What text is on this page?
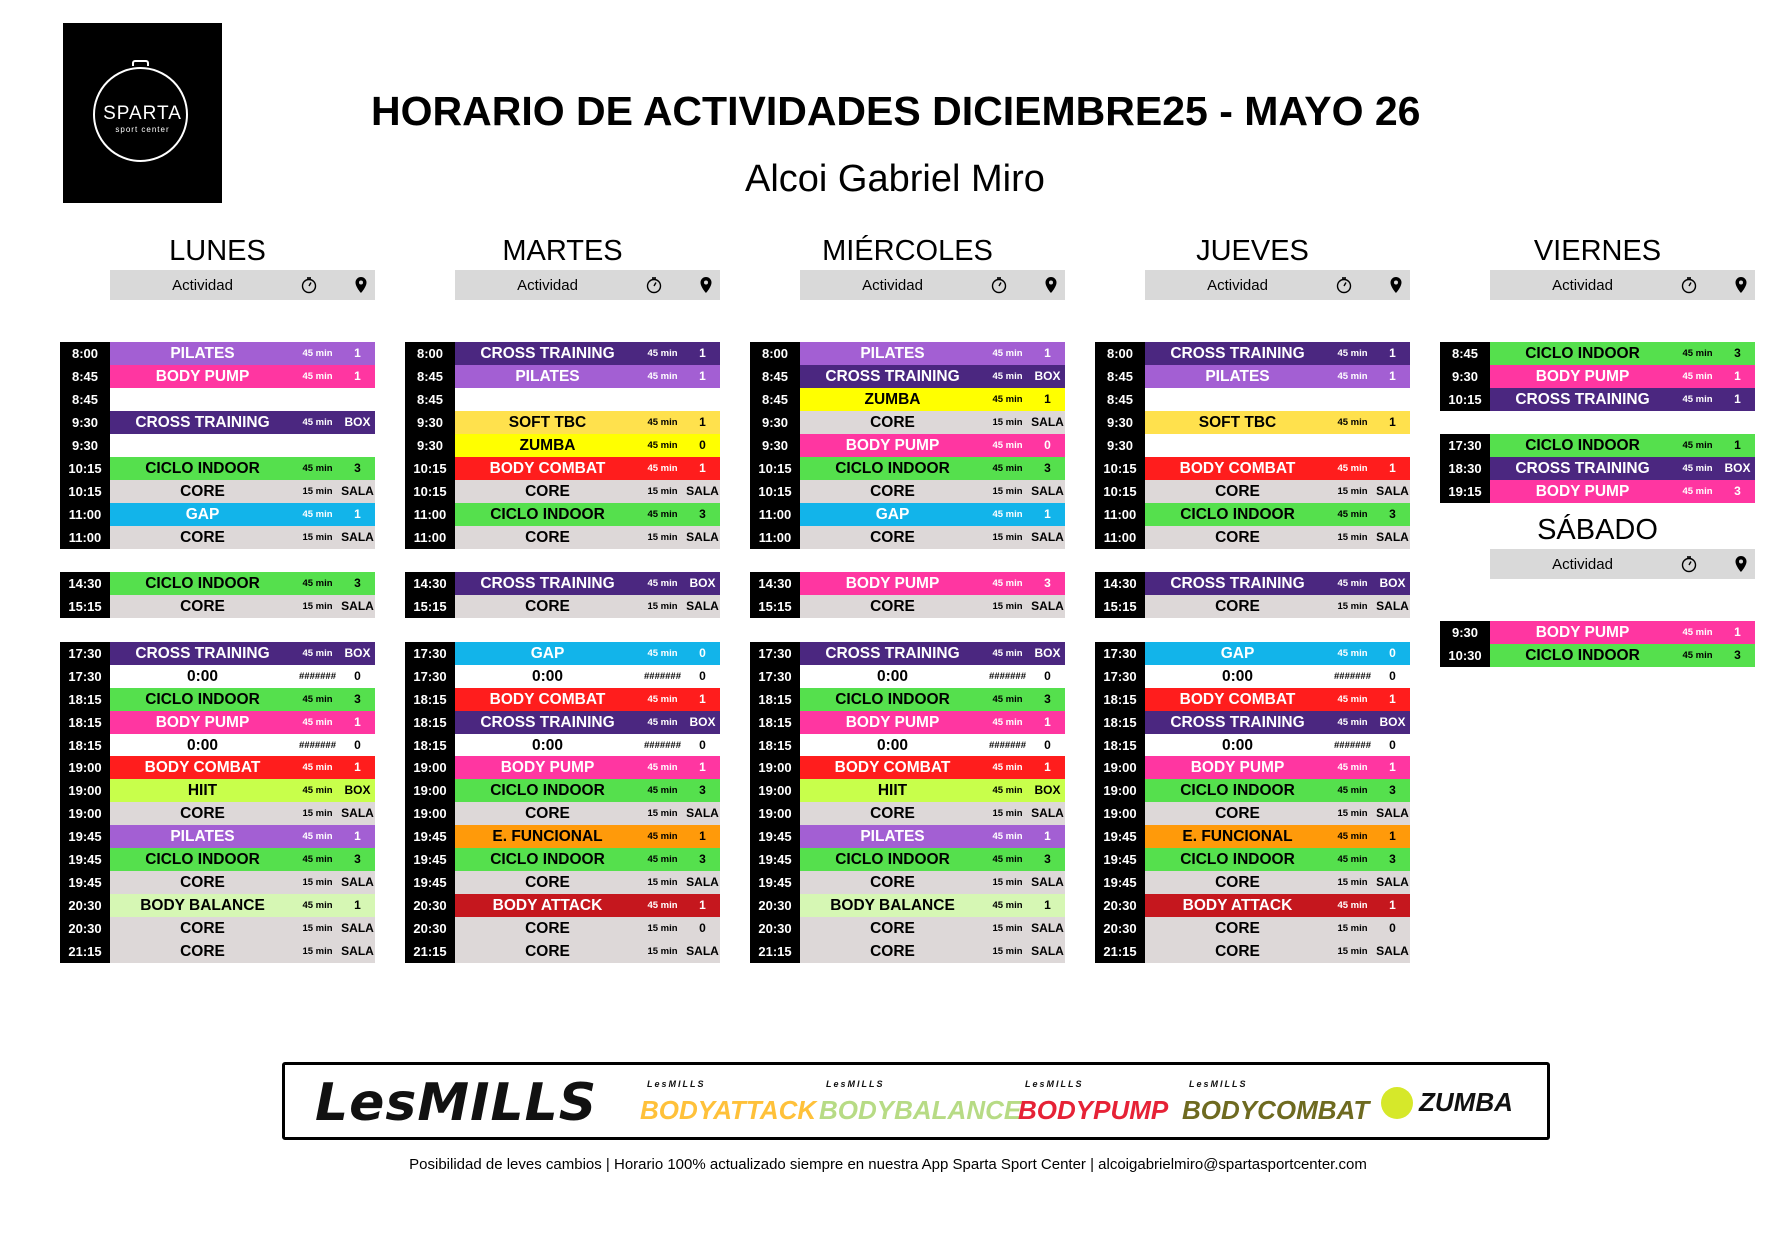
SPARTA
sport center	HORARIO DE ACTIVIDADES DICIEMBRE25 - MAYO 26
Alcoi Gabriel Miro
LUNES
Actividad
8:00	PILATES	45 min	1
8:45	BODY PUMP	45 min	1
8:45
9:30	CROSS TRAINING	45 min BOX
9:30
10:15	CICLO INDOOR	45 min	3
10:15	CORE	15 min SALA
11:00	GAP	45 min	1
11:00	CORE	15 min SALA
14:30	CICLO INDOOR	45 min	3
15:15	CORE	15 min SALA
17:30	CROSS TRAINING	45 min BOX
17:30	0:00	#######	0
18:15	CICLO INDOOR	45 min	3
18:15	BODY PUMP	45 min	1
18:15	0:00	#######	0
19:00	BODY COMBAT	45 min	1
19:00	HIIT	45 min BOX
19:00	CORE	15 min SALA
19:45	PILATES	45 min	1
19:45	CICLO INDOOR	45 min	3
19:45	CORE	15 min SALA
20:30	BODY BALANCE	45 min	1
20:30	CORE	15 min SALA
21:15	CORE	15 min SALA
MARTES
Actividad
8:00	CROSS TRAINING	45 min	1
8:45	PILATES	45 min	1
8:45
9:30	SOFT TBC	45 min	1
9:30	ZUMBA	45 min	0
10:15	BODY COMBAT	45 min	1
10:15	CORE	15 min SALA
11:00	CICLO INDOOR	45 min	3
11:00	CORE	15 min SALA
14:30	CROSS TRAINING	45 min BOX
15:15	CORE	15 min SALA
17:30	GAP	45 min	0
17:30	0:00	#######	0
18:15	BODY COMBAT	45 min	1
18:15	CROSS TRAINING	45 min BOX
18:15	0:00	#######	0
19:00	BODY PUMP	45 min	1
19:00	CICLO INDOOR	45 min	3
19:00	CORE	15 min SALA
19:45	E. FUNCIONAL	45 min	1
19:45	CICLO INDOOR	45 min	3
19:45	CORE	15 min SALA
20:30	BODY ATTACK	45 min	1
20:30	CORE	15 min	0
21:15	CORE	15 min SALA
MIÉRCOLES
Actividad
8:00	PILATES	45 min	1
8:45	CROSS TRAINING	45 min BOX
8:45	ZUMBA	45 min	1
9:30	CORE	15 min SALA
9:30	BODY PUMP	45 min	0
10:15	CICLO INDOOR	45 min	3
10:15	CORE	15 min SALA
11:00	GAP	45 min	1
11:00	CORE	15 min SALA
14:30	BODY PUMP	45 min	3
15:15	CORE	15 min SALA
17:30	CROSS TRAINING	45 min BOX
17:30	0:00	#######	0
18:15	CICLO INDOOR	45 min	3
18:15	BODY PUMP	45 min	1
18:15	0:00	#######	0
19:00	BODY COMBAT	45 min	1
19:00	HIIT	45 min BOX
19:00	CORE	15 min SALA
19:45	PILATES	45 min	1
19:45	CICLO INDOOR	45 min	3
19:45	CORE	15 min SALA
20:30	BODY BALANCE	45 min	1
20:30	CORE	15 min SALA
21:15	CORE	15 min SALA
JUEVES
Actividad
8:00	CROSS TRAINING	45 min	1
8:45	PILATES	45 min	1
8:45
9:30	SOFT TBC	45 min	1
9:30
10:15	BODY COMBAT	45 min	1
10:15	CORE	15 min SALA
11:00	CICLO INDOOR	45 min	3
11:00	CORE	15 min SALA
14:30	CROSS TRAINING	45 min BOX
15:15	CORE	15 min SALA
17:30	GAP	45 min	0
17:30	0:00	#######	0
18:15	BODY COMBAT	45 min	1
18:15	CROSS TRAINING	45 min BOX
18:15	0:00	#######	0
19:00	BODY PUMP	45 min	1
19:00	CICLO INDOOR	45 min	3
19:00	CORE	15 min SALA
19:45	E. FUNCIONAL	45 min	1
19:45	CICLO INDOOR	45 min	3
19:45	CORE	15 min SALA
20:30	BODY ATTACK	45 min	1
20:30	CORE	15 min	0
21:15	CORE	15 min SALA
VIERNES
Actividad
8:45	CICLO INDOOR	45 min	3
9:30	BODY PUMP	45 min	1
10:15	CROSS TRAINING	45 min	1
17:30	CICLO INDOOR	45 min	1
18:30	CROSS TRAINING	45 min BOX
19:15	BODY PUMP	45 min	3
SÁBADO
Actividad
9:30	BODY PUMP	45 min	1
10:30	CICLO INDOOR	45 min	3
LesMILLS	LesMILLS
BODYATTACK
LesMILLS
BODYBALANCE
LesMILLS
BODYPUMP
LesMILLS
BODYCOMBAT ZUMBA
Posibilidad de leves cambios | Horario 100% actualizado siempre en nuestra App Sparta Sport Center | alcoigabrielmiro@spartasportcenter.com
